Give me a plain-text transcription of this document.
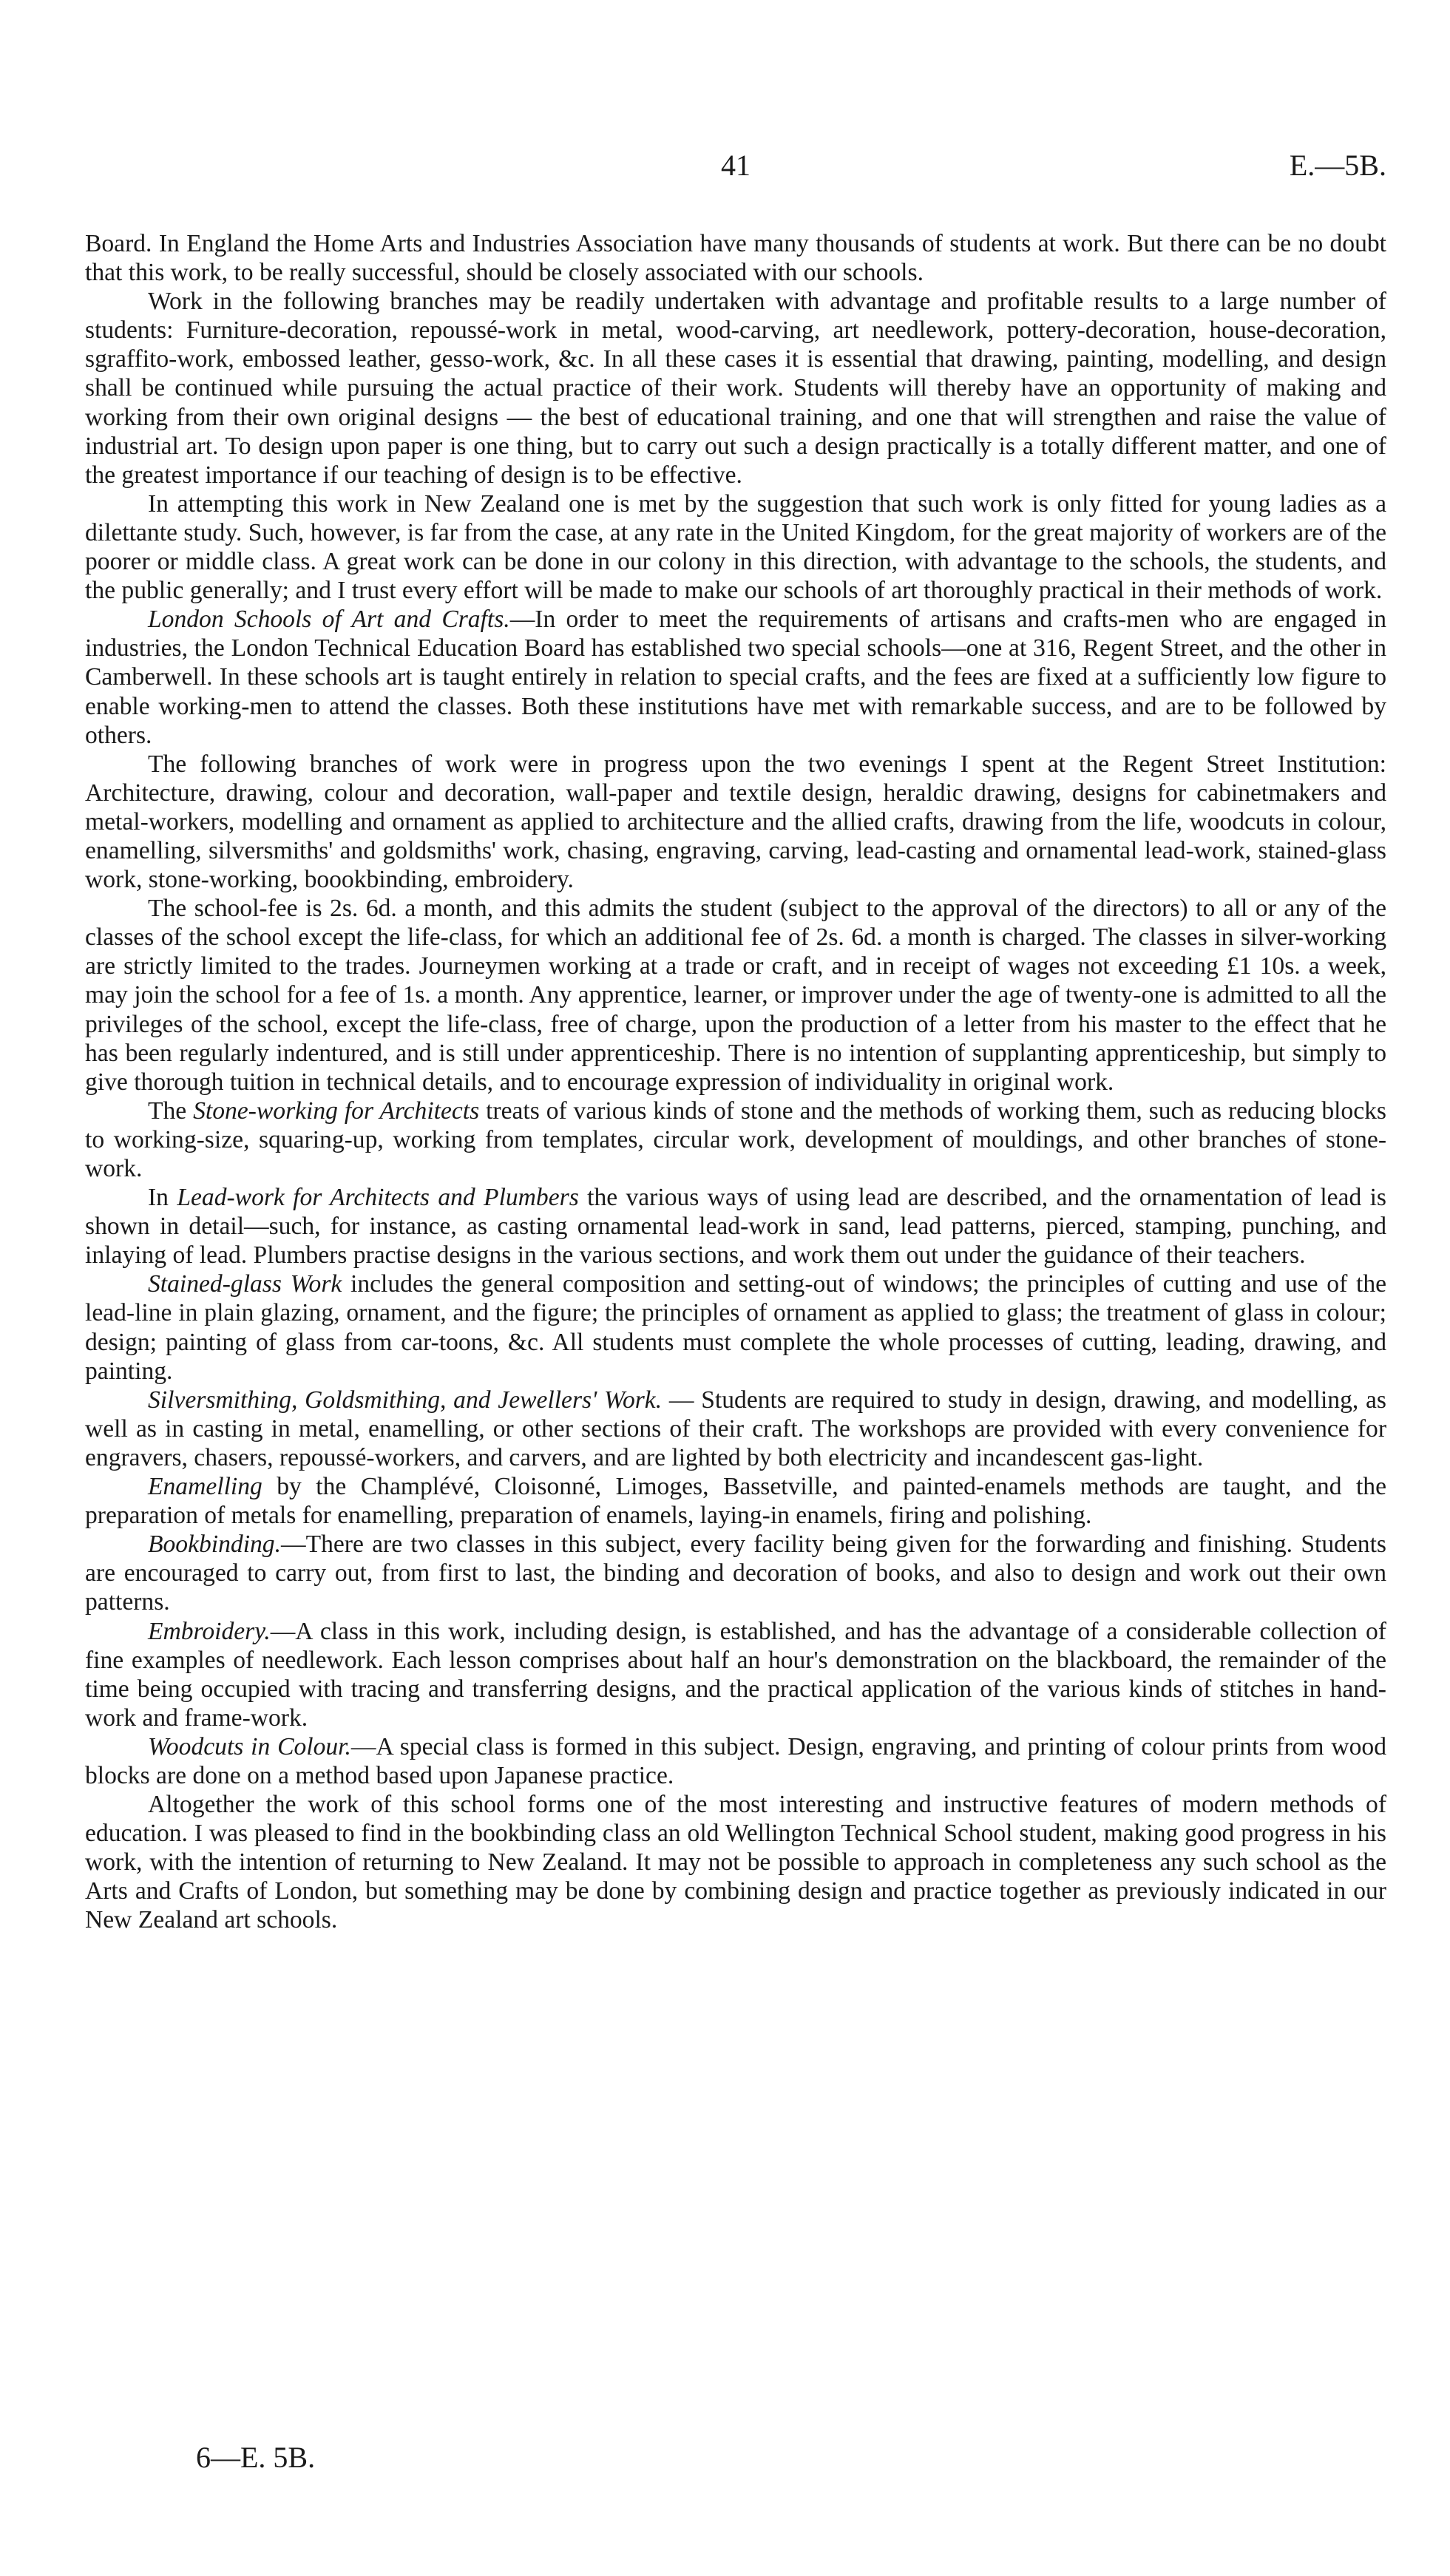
41	E.—5B.

Board. In England the Home Arts and Industries Association have many thousands of students at work. But there can be no doubt that this work, to be really successful, should be closely associated with our schools.

Work in the following branches may be readily undertaken with advantage and profitable results to a large number of students: Furniture-decoration, repoussé-work in metal, wood-carving, art needlework, pottery-decoration, house-decoration, sgraffito-work, embossed leather, gesso-work, &c. In all these cases it is essential that drawing, painting, modelling, and design shall be continued while pursuing the actual practice of their work. Students will thereby have an opportunity of making and working from their own original designs — the best of educational training, and one that will strengthen and raise the value of industrial art. To design upon paper is one thing, but to carry out such a design practically is a totally different matter, and one of the greatest importance if our teaching of design is to be effective.

In attempting this work in New Zealand one is met by the suggestion that such work is only fitted for young ladies as a dilettante study. Such, however, is far from the case, at any rate in the United Kingdom, for the great majority of workers are of the poorer or middle class. A great work can be done in our colony in this direction, with advantage to the schools, the students, and the public generally; and I trust every effort will be made to make our schools of art thoroughly practical in their methods of work.

London Schools of Art and Crafts.—In order to meet the requirements of artisans and crafts-men who are engaged in industries, the London Technical Education Board has established two special schools—one at 316, Regent Street, and the other in Camberwell. In these schools art is taught entirely in relation to special crafts, and the fees are fixed at a sufficiently low figure to enable working-men to attend the classes. Both these institutions have met with remarkable success, and are to be followed by others.

The following branches of work were in progress upon the two evenings I spent at the Regent Street Institution: Architecture, drawing, colour and decoration, wall-paper and textile design, heraldic drawing, designs for cabinetmakers and metal-workers, modelling and ornament as applied to architecture and the allied crafts, drawing from the life, woodcuts in colour, enamelling, silversmiths' and goldsmiths' work, chasing, engraving, carving, lead-casting and ornamental lead-work, stained-glass work, stone-working, boookbinding, embroidery.

The school-fee is 2s. 6d. a month, and this admits the student (subject to the approval of the directors) to all or any of the classes of the school except the life-class, for which an additional fee of 2s. 6d. a month is charged. The classes in silver-working are strictly limited to the trades. Journeymen working at a trade or craft, and in receipt of wages not exceeding £1 10s. a week, may join the school for a fee of 1s. a month. Any apprentice, learner, or improver under the age of twenty-one is admitted to all the privileges of the school, except the life-class, free of charge, upon the production of a letter from his master to the effect that he has been regularly indentured, and is still under apprenticeship. There is no intention of supplanting apprenticeship, but simply to give thorough tuition in technical details, and to encourage expression of individuality in original work.

The Stone-working for Architects treats of various kinds of stone and the methods of working them, such as reducing blocks to working-size, squaring-up, working from templates, circular work, development of mouldings, and other branches of stone-work.

In Lead-work for Architects and Plumbers the various ways of using lead are described, and the ornamentation of lead is shown in detail—such, for instance, as casting ornamental lead-work in sand, lead patterns, pierced, stamping, punching, and inlaying of lead. Plumbers practise designs in the various sections, and work them out under the guidance of their teachers.

Stained-glass Work includes the general composition and setting-out of windows; the principles of cutting and use of the lead-line in plain glazing, ornament, and the figure; the principles of ornament as applied to glass; the treatment of glass in colour; design; painting of glass from car-toons, &c. All students must complete the whole processes of cutting, leading, drawing, and painting.

Silversmithing, Goldsmithing, and Jewellers' Work. — Students are required to study in design, drawing, and modelling, as well as in casting in metal, enamelling, or other sections of their craft. The workshops are provided with every convenience for engravers, chasers, repoussé-workers, and carvers, and are lighted by both electricity and incandescent gas-light.

Enamelling by the Champlévé, Cloisonné, Limoges, Bassetville, and painted-enamels methods are taught, and the preparation of metals for enamelling, preparation of enamels, laying-in enamels, firing and polishing.

Bookbinding.—There are two classes in this subject, every facility being given for the forwarding and finishing. Students are encouraged to carry out, from first to last, the binding and decoration of books, and also to design and work out their own patterns.

Embroidery.—A class in this work, including design, is established, and has the advantage of a considerable collection of fine examples of needlework. Each lesson comprises about half an hour's demonstration on the blackboard, the remainder of the time being occupied with tracing and transferring designs, and the practical application of the various kinds of stitches in hand-work and frame-work.

Woodcuts in Colour.—A special class is formed in this subject. Design, engraving, and printing of colour prints from wood blocks are done on a method based upon Japanese practice.

Altogether the work of this school forms one of the most interesting and instructive features of modern methods of education. I was pleased to find in the bookbinding class an old Wellington Technical School student, making good progress in his work, with the intention of returning to New Zealand. It may not be possible to approach in completeness any such school as the Arts and Crafts of London, but something may be done by combining design and practice together as previously indicated in our New Zealand art schools.

6—E. 5B.
